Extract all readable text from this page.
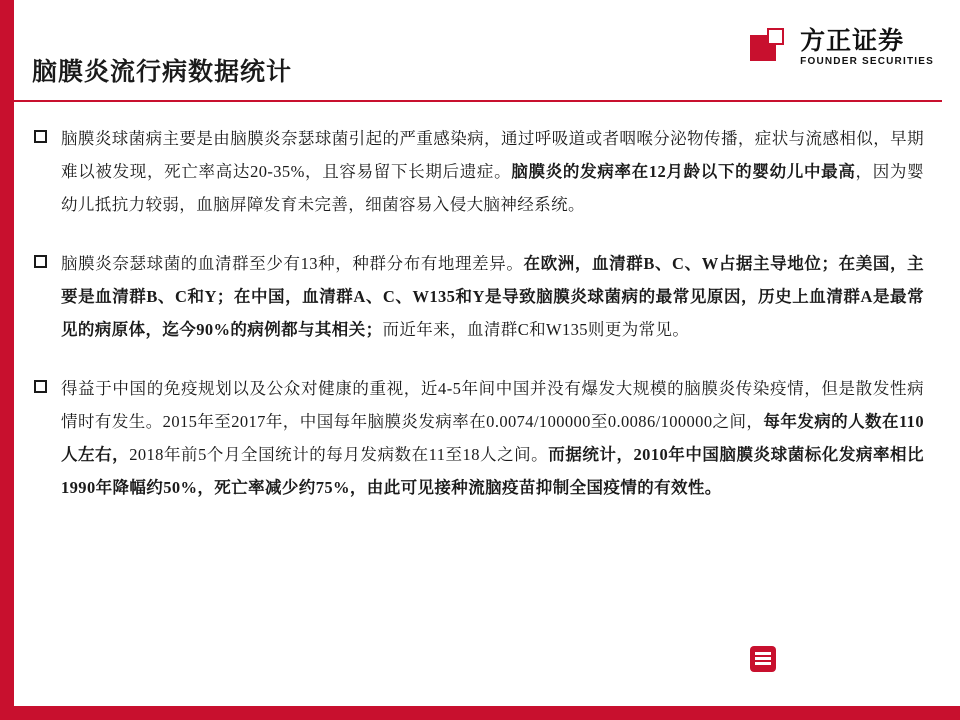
方正证券
FOUNDER SECURITIES
脑膜炎流行病数据统计
脑膜炎球菌病主要是由脑膜炎奈瑟球菌引起的严重感染病，通过呼吸道或者咽喉分泌物传播，症状与流感相似，早期难以被发现，死亡率高达20-35%，且容易留下长期后遗症。脑膜炎的发病率在12月龄以下的婴幼儿中最高，因为婴幼儿抵抗力较弱，血脑屏障发育未完善，细菌容易入侵大脑神经系统。
脑膜炎奈瑟球菌的血清群至少有13种，种群分布有地理差异。在欧洲，血清群B、C、W占据主导地位；在美国，主要是血清群B、C和Y；在中国，血清群A、C、W135和Y是导致脑膜炎球菌病的最常见原因，历史上血清群A是最常见的病原体，迄今90%的病例都与其相关；而近年来，血清群C和W135则更为常见。
得益于中国的免疫规划以及公众对健康的重视，近4-5年间中国并没有爆发大规模的脑膜炎传染疫情，但是散发性病情时有发生。2015年至2017年，中国每年脑膜炎发病率在0.0074/100000至0.0086/100000之间，每年发病的人数在110人左右，2018年前5个月全国统计的每月发病数在11至18人之间。而据统计，2010年中国脑膜炎球菌标化发病率相比1990年降幅约50%，死亡率减少约75%，由此可见接种流脑疫苗抑制全国疫情的有效性。
头条 @未来智库
-35-
